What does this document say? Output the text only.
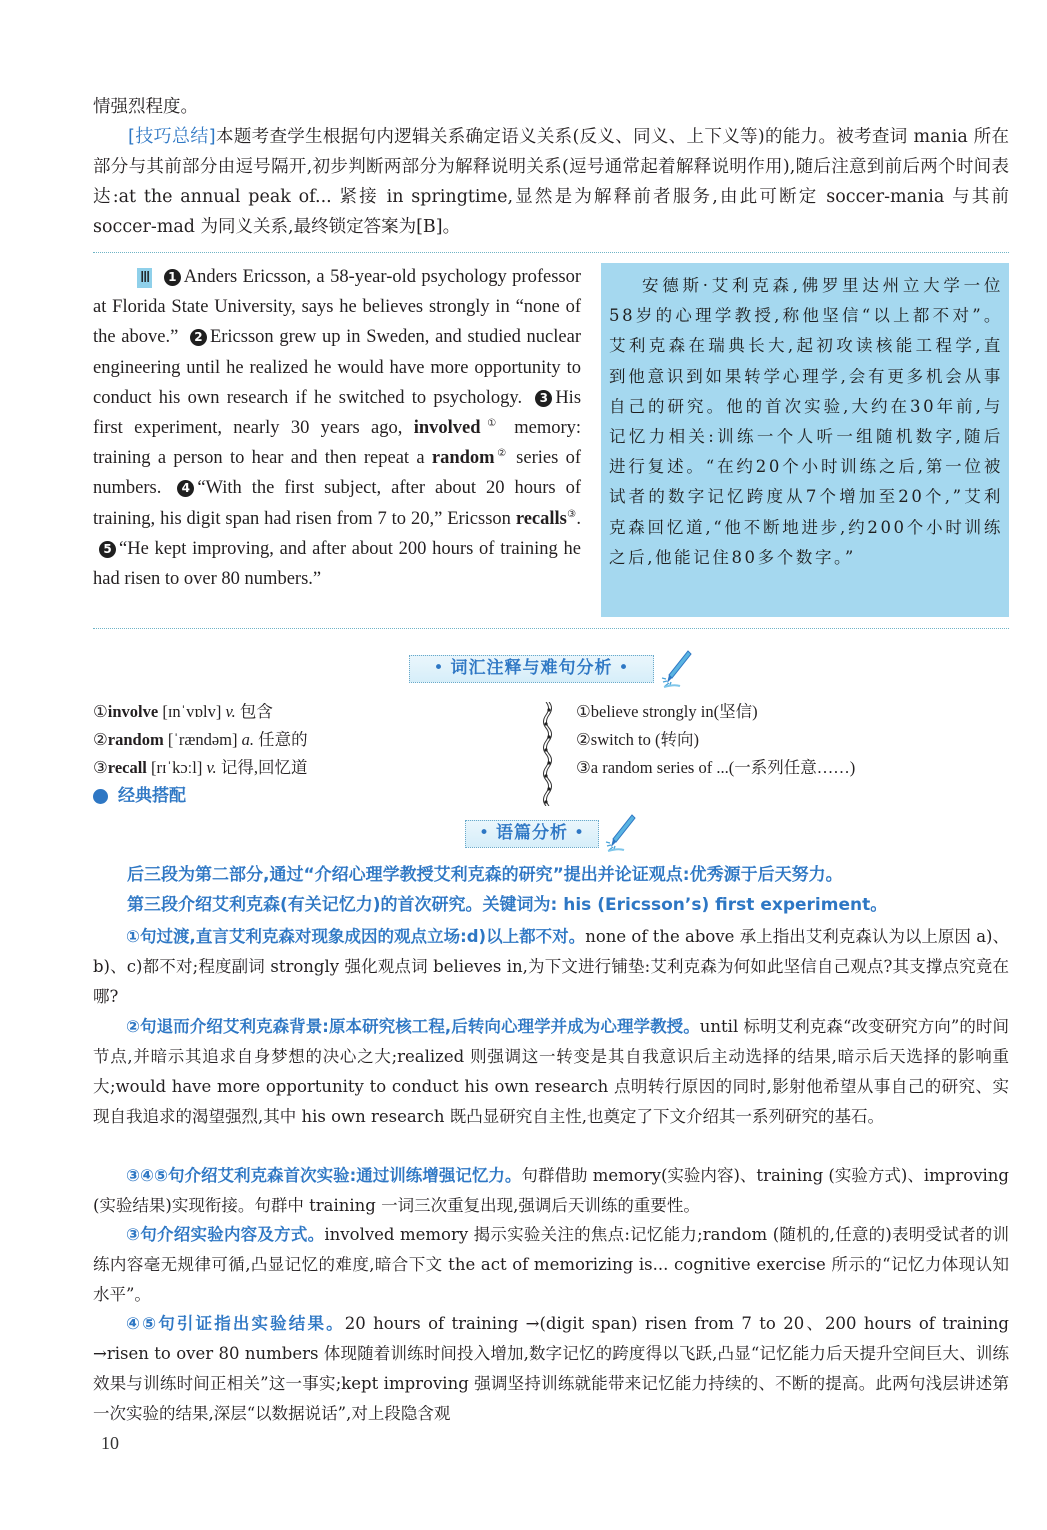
情强烈程度。
[技巧总结]本题考查学生根据句内逻辑关系确定语义关系(反义、同义、上下义等)的能力。被考查词 mania 所在部分与其前部分由逗号隔开,初步判断两部分为解释说明关系(逗号通常起着解释说明作用),随后注意到前后两个时间表达:at the annual peak of... 紧接 in springtime,显然是为解释前者服务,由此可断定 soccer-mania 与其前 soccer-mad 为同义关系,最终锁定答案为[B]。
Ⅲ 1 Anders Ericsson, a 58-year-old psychology professor at Florida State University, says he believes strongly in “none of the above.” 2 Ericsson grew up in Sweden, and studied nuclear engineering until he realized he would have more opportunity to conduct his own research if he switched to psychology. 3 His first experiment, nearly 30 years ago, involved① memory: training a person to hear and then repeat a random② series of numbers. 4 “With the first subject, after about 20 hours of training, his digit span had risen from 7 to 20,” Ericsson recalls③. 5 “He kept improving, and after about 200 hours of training he had risen to over 80 numbers.”
安德斯·艾利克森,佛罗里达州立大学一位58岁的心理学教授,称他坚信“以上都不对”。艾利克森在瑞典长大,起初攻读核能工程学,直到他意识到如果转学心理学,会有更多机会从事自己的研究。他的首次实验,大约在30年前,与记忆力相关:训练一个人听一组随机数字,随后进行复述。“在约20个小时训练之后,第一位被试者的数字记忆跨度从7个增加至20个,”艾利克森回忆道,“他不断地进步,约200个小时训练之后,他能记住80多个数字。”
• 词汇注释与难句分析 •
①involve [ɪnˈvɒlv] v. 包含
②random [ˈrændəm] a. 任意的
③recall [rɪˈkɔːl] v. 记得,回忆道
经典搭配
①believe strongly in(坚信)
②switch to (转向)
③a random series of ...(一系列任意……)
• 语篇分析 •
后三段为第二部分,通过“介绍心理学教授艾利克森的研究”提出并论证观点:优秀源于后天努力。
第三段介绍艾利克森(有关记忆力)的首次研究。关键词为: his (Ericsson’s) first experiment。
①句过渡,直言艾利克森对现象成因的观点立场:d)以上都不对。none of the above 承上指出艾利克森认为以上原因 a)、b)、c)都不对;程度副词 strongly 强化观点词 believes in,为下文进行铺垫:艾利克森为何如此坚信自己观点?其支撑点究竟在哪?
②句退而介绍艾利克森背景:原本研究核工程,后转向心理学并成为心理学教授。until 标明艾利克森“改变研究方向”的时间节点,并暗示其追求自身梦想的决心之大;realized 则强调这一转变是其自我意识后主动选择的结果,暗示后天选择的影响重大;would have more opportunity to conduct his own research 点明转行原因的同时,影射他希望从事自己的研究、实现自我追求的渴望强烈,其中 his own research 既凸显研究自主性,也奠定了下文介绍其一系列研究的基石。
③④⑤句介绍艾利克森首次实验:通过训练增强记忆力。句群借助 memory(实验内容)、training (实验方式)、improving (实验结果)实现衔接。句群中 training 一词三次重复出现,强调后天训练的重要性。
③句介绍实验内容及方式。involved memory 揭示实验关注的焦点:记忆能力;random (随机的,任意的)表明受试者的训练内容毫无规律可循,凸显记忆的难度,暗合下文 the act of memorizing is... cognitive exercise 所示的“记忆力体现认知水平”。
④⑤句引证指出实验结果。20 hours of training →(digit span) risen from 7 to 20、200 hours of training →risen to over 80 numbers 体现随着训练时间投入增加,数字记忆的跨度得以飞跃,凸显“记忆能力后天提升空间巨大、训练效果与训练时间正相关”这一事实;kept improving 强调坚持训练就能带来记忆能力持续的、不断的提高。此两句浅层讲述第一次实验的结果,深层“以数据说话”,对上段隐含观
10
